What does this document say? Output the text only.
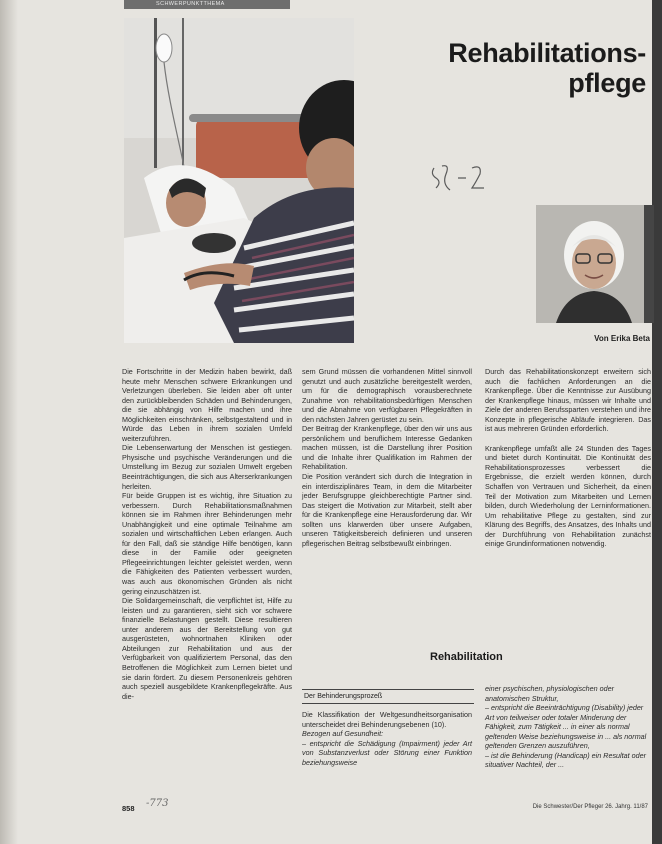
SCHWERPUNKTTHEMA
Rehabilitations-
pflege
Von Erika Beta

Die Fortschritte in der Medizin haben bewirkt, daß heute mehr Menschen schwere Erkrankungen und Verletzungen überleben. Sie leiden aber oft unter den zurückbleibenden Schäden und Behinderungen, die sie abhängig von Hilfe machen und ihre Möglichkeiten einschränken, selbstgestaltend und in Würde das Leben in ihrem sozialen Umfeld weiterzuführen.

Die Lebenserwartung der Menschen ist gestiegen. Physische und psychische Veränderungen und die Umstellung im Bezug zur sozialen Umwelt ergeben Beeinträchtigungen, die sich aus Alterserkrankungen herleiten.

Für beide Gruppen ist es wichtig, ihre Situation zu verbessern. Durch Rehabilitationsmaßnahmen können sie im Rahmen ihrer Behinderungen mehr Unabhängigkeit und eine optimale Teilnahme am sozialen und wirtschaftlichen Leben erlangen. Auch für den Fall, daß sie ständige Hilfe benötigen, kann diese in der Familie oder geeigneten Pflegeeinrichtungen leichter geleistet werden, wenn die Fähigkeiten des Patienten verbessert wurden, was auch aus ökonomischen Gründen als nicht gering einzuschätzen ist.

Die Solidargemeinschaft, die verpflichtet ist, Hilfe zu leisten und zu garantieren, sieht sich vor schwere finanzielle Belastungen gestellt. Diese resultieren unter anderem aus der Bereitstellung von gut ausgerüsteten, wohnortnahen Kliniken oder Abteilungen zur Rehabilitation und aus der Verfügbarkeit von qualifiziertem Personal, das den Betroffenen die Möglichkeit zum Lernen bietet und sie darin fördert. Zu diesem Personenkreis gehören auch speziell ausgebildete Krankenpflegekräfte. Aus die-

sem Grund müssen die vorhandenen Mittel sinnvoll genutzt und auch zusätzliche bereitgestellt werden, um für die demographisch vorausberechnete Zunahme von rehabilitationsbedürftigen Menschen und die Abnahme von verfügbaren Pflegekräften in den nächsten Jahren gerüstet zu sein.

Der Beitrag der Krankenpflege, über den wir uns aus persönlichem und beruflichem Interesse Gedanken machen müssen, ist die Darstellung ihrer Position und die Inhalte ihrer Qualifikation im Rahmen der Rehabilitation.

Die Position verändert sich durch die Integration in ein interdisziplinäres Team, in dem die Mitarbeiter jeder Berufsgruppe gleichberechtigte Partner sind. Das steigert die Motivation zur Mitarbeit, stellt aber für die Krankenpflege eine Herausforderung dar. Wir sollten uns klarwerden über unsere Aufgaben, unseren Tätigkeitsbereich definieren und unseren pflegerischen Beitrag selbstbewußt einbringen.

Durch das Rehabilitationskonzept erweitern sich auch die fachlichen Anforderungen an die Krankenpflege. Über die Kenntnisse zur Ausübung der Krankenpflege hinaus, müssen wir Inhalte und Ziele der anderen Berufssparten verstehen und ihre Konzepte in pflegerische Abläufe integrieren. Das ist aus mehreren Gründen erforderlich.

Krankenpflege umfaßt alle 24 Stunden des Tages und bietet durch Kontinuität. Die Kontinuität des Rehabilitationsprozesses verbessert die Ergebnisse, die erzielt werden können, durch Schaffen von Vertrauen und Sicherheit, da einen Teil der Motivation zum Mitarbeiten und Lernen bilden, durch Wiederholung der Lerninformationen. Um rehabilitative Pflege zu gestalten, sind zur Klärung des Begriffs, des Ansatzes, des Inhalts und der Durchführung von Rehabilitation zunächst einige Grundinformationen notwendig.

Rehabilitation
Der Behinderungsprozeß

Die Klassifikation der Weltgesundheitsorganisation unterscheidet drei Behinderungsebenen (10).

Bezogen auf Gesundheit:

– entspricht die Schädigung (Impairment) jeder Art von Substanzverlust oder Störung einer Funktion beziehungsweise

einer psychischen, physiologischen oder anatomischen Struktur,

– entspricht die Beeinträchtigung (Disability) jeder Art von teilweiser oder totaler Minderung der Fähigkeit, zum Tätigkeit ... in einer als normal geltenden Weise beziehungsweise in ... als normal geltenden Grenzen auszuführen,

– ist die Behinderung (Handicap) ein Resultat oder situativer Nachteil, der ...

858 -773	Die Schwester/Der Pfleger 26. Jahrg. 11/87
